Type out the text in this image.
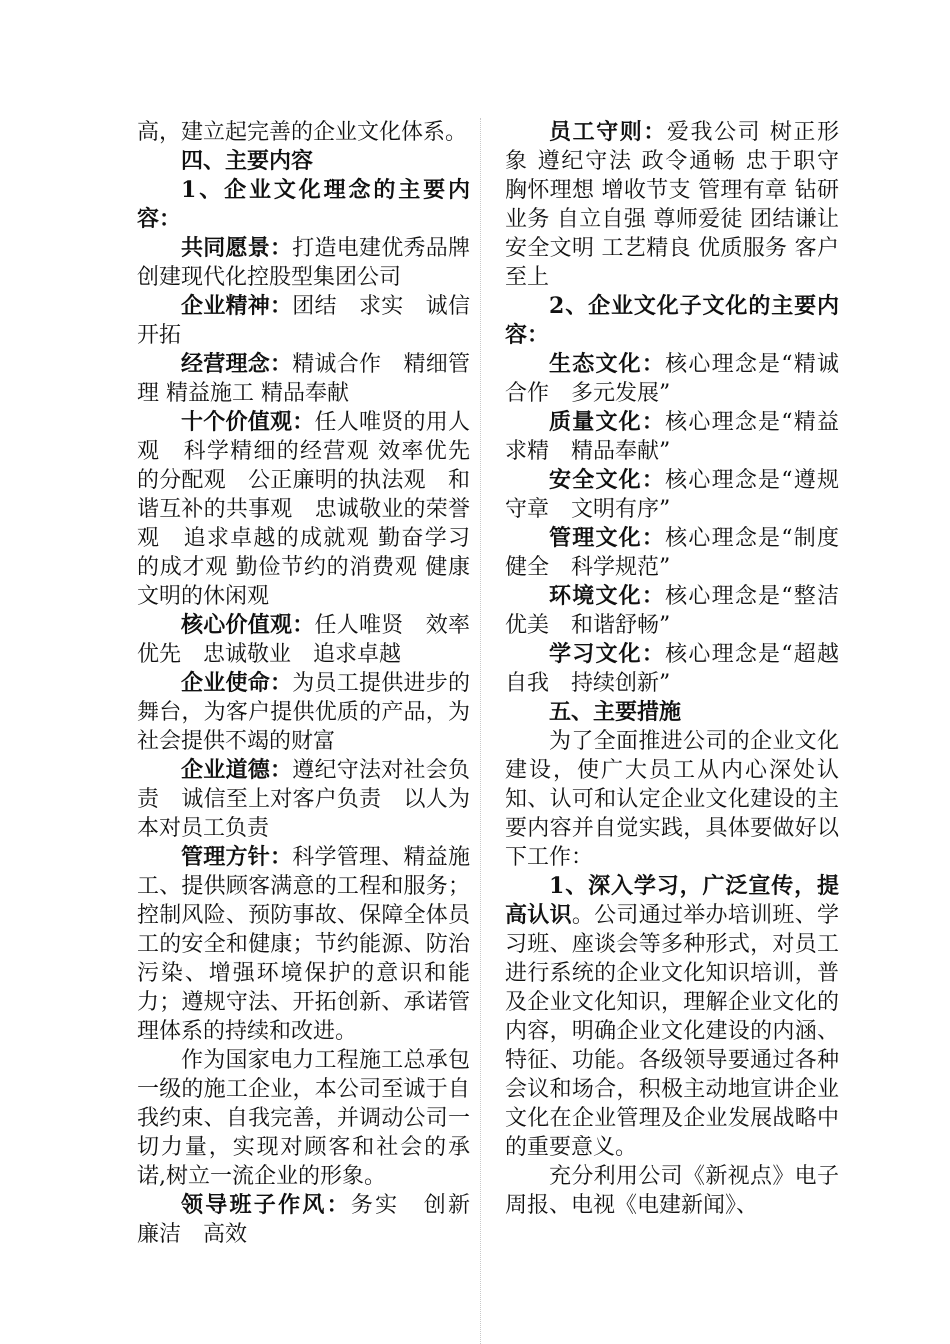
高，建立起完善的企业文化体系。

四、主要内容

1、企业文化理念的主要内容：

共同愿景：打造电建优秀品牌　创建现代化控股型集团公司

企业精神：团结　求实　诚信　开拓

经营理念：精诚合作　精细管理 精益施工 精品奉献

十个价值观：任人唯贤的用人观　科学精细的经营观 效率优先的分配观　公正廉明的执法观　和谐互补的共事观　忠诚敬业的荣誉观　追求卓越的成就观 勤奋学习的成才观 勤俭节约的消费观 健康文明的休闲观

核心价值观：任人唯贤　效率优先　忠诚敬业　追求卓越

企业使命：为员工提供进步的舞台，为客户提供优质的产品，为社会提供不竭的财富

企业道德：遵纪守法对社会负责　诚信至上对客户负责　以人为本对员工负责

管理方针：科学管理、精益施工、提供顾客满意的工程和服务；控制风险、预防事故、保障全体员工的安全和健康；节约能源、防治污染、增强环境保护的意识和能力；遵规守法、开拓创新、承诺管理体系的持续和改进。

作为国家电力工程施工总承包一级的施工企业，本公司至诚于自我约束、自我完善，并调动公司一切力量，实现对顾客和社会的承诺,树立一流企业的形象。

领导班子作风：务实　创新　廉洁　高效

员工守则：爱我公司 树正形象 遵纪守法 政令通畅 忠于职守 胸怀理想 增收节支 管理有章 钻研业务 自立自强 尊师爱徒 团结谦让 安全文明 工艺精良 优质服务 客户至上

2、企业文化子文化的主要内容：

生态文化：核心理念是“精诚合作　多元发展”

质量文化：核心理念是“精益求精　精品奉献”

安全文化：核心理念是“遵规守章　文明有序”

管理文化：核心理念是“制度健全　科学规范”

环境文化：核心理念是“整洁优美　和谐舒畅”

学习文化：核心理念是“超越自我　持续创新”

五、主要措施

为了全面推进公司的企业文化建设，使广大员工从内心深处认知、认可和认定企业文化建设的主要内容并自觉实践，具体要做好以下工作：

1、深入学习，广泛宣传，提高认识。公司通过举办培训班、学习班、座谈会等多种形式，对员工进行系统的企业文化知识培训，普及企业文化知识，理解企业文化的内容，明确企业文化建设的内涵、特征、功能。各级领导要通过各种会议和场合，积极主动地宣讲企业文化在企业管理及企业发展战略中的重要意义。

充分利用公司《新视点》电子周报、电视《电建新闻》、
